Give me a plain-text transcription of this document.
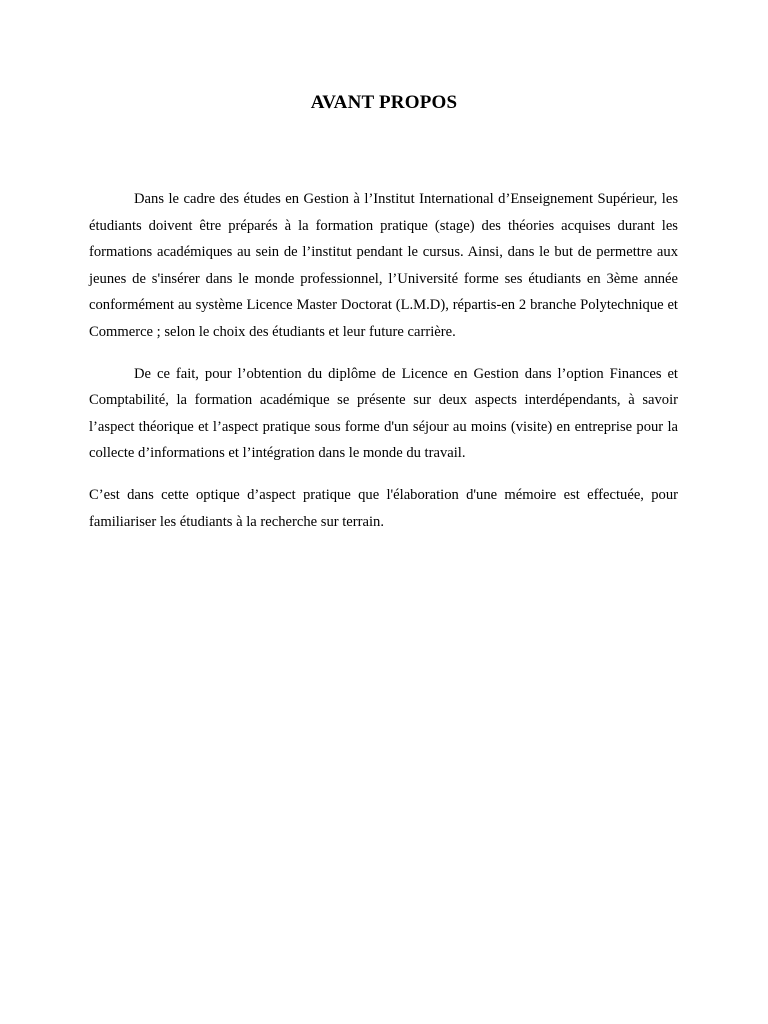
AVANT PROPOS

Dans le cadre des études en Gestion à l’Institut International d’Enseignement Supérieur, les étudiants doivent être préparés à la formation pratique (stage) des théories acquises durant les formations académiques au sein de l’institut pendant le cursus. Ainsi, dans le but de permettre aux jeunes de s'insérer dans le monde professionnel, l’Université forme ses étudiants en 3ème année conformément au système Licence Master Doctorat (L.M.D), répartis-en 2 branche Polytechnique et Commerce ; selon le choix des étudiants et leur future carrière.

De ce fait, pour l’obtention du diplôme de Licence en Gestion dans l’option Finances et Comptabilité, la formation académique se présente sur deux aspects interdépendants, à savoir l’aspect théorique et l’aspect pratique sous forme d'un séjour au moins (visite) en entreprise pour la collecte d’informations et l’intégration dans le monde du travail.

C’est dans cette optique d’aspect pratique que l'élaboration d'une mémoire est effectuée, pour familiariser les étudiants à la recherche sur terrain.
